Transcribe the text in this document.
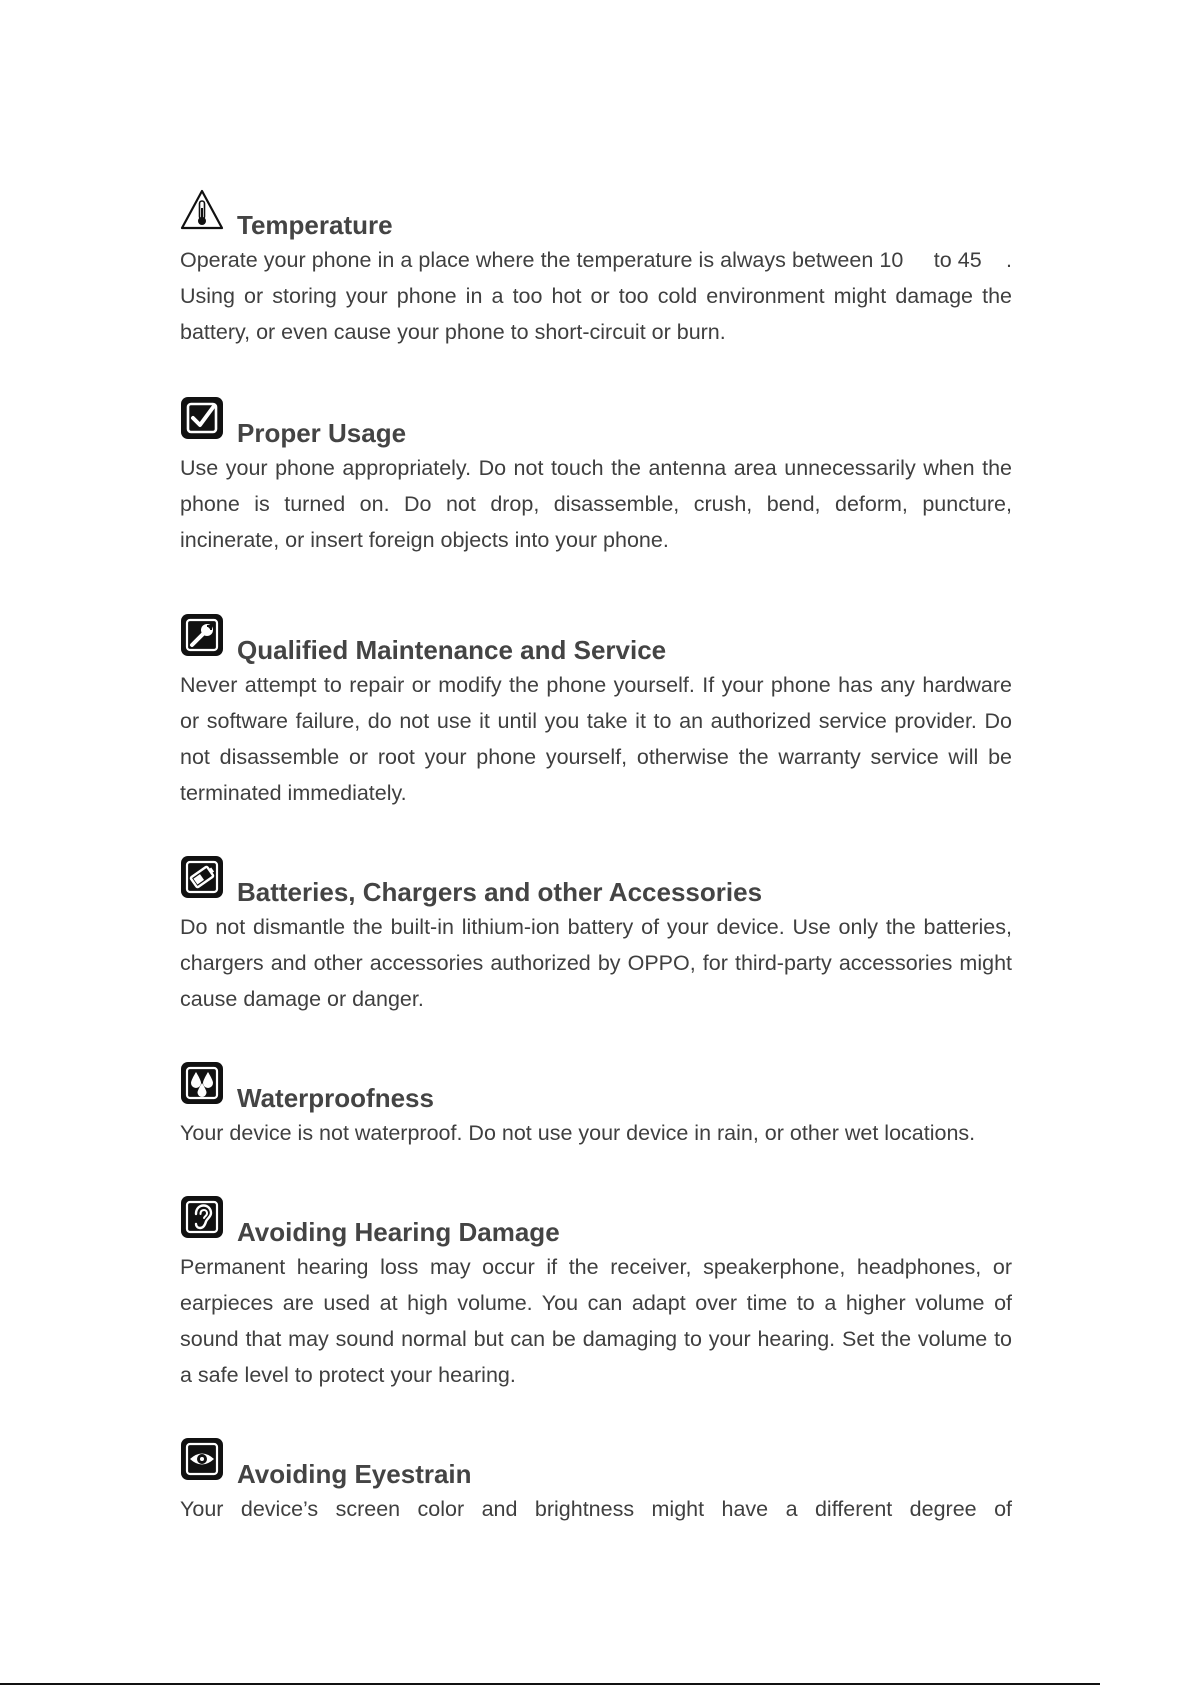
Temperature
Operate your phone in a place where the temperature is always between 10     to 45    .   Using or storing your phone in a too hot or too cold environment might damage the battery, or even cause your phone to short-circuit or burn.
Proper Usage
Use your phone appropriately. Do not touch the antenna area unnecessarily when the phone is turned on. Do not drop, disassemble, crush, bend, deform, puncture, incinerate, or insert foreign objects into your phone.
Qualified Maintenance and Service
Never attempt to repair or modify the phone yourself. If your phone has any hardware or software failure, do not use it until you take it to an authorized service provider. Do not disassemble or root your phone yourself, otherwise the warranty service will be terminated immediately.
Batteries, Chargers and other Accessories
Do not dismantle the built-in lithium-ion battery of your device. Use only the batteries, chargers and other accessories authorized by OPPO, for third-party accessories might cause damage or danger.
Waterproofness
Your device is not waterproof. Do not use your device in rain, or other wet locations.
Avoiding Hearing Damage
Permanent hearing loss may occur if the receiver, speakerphone, headphones, or earpieces are used at high volume. You can adapt over time to a higher volume of sound that may sound normal but can be damaging to your hearing. Set the volume to a safe level to protect your hearing.
Avoiding Eyestrain
Your device’s screen color and brightness might have a different degree of
